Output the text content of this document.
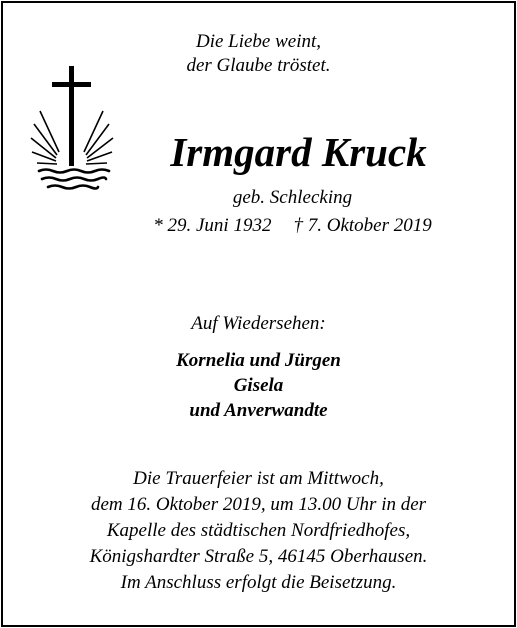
Die Liebe weint,
der Glaube tröstet.
Irmgard Kruck
geb. Schlecking
* 29. Juni 1932 † 7. Oktober 2019
Auf Wiedersehen:
Kornelia und Jürgen
Gisela
und Anverwandte
Die Trauerfeier ist am Mittwoch,
dem 16. Oktober 2019, um 13.00 Uhr in der
Kapelle des städtischen Nordfriedhofes,
Königshardter Straße 5, 46145 Oberhausen.
Im Anschluss erfolgt die Beisetzung.
